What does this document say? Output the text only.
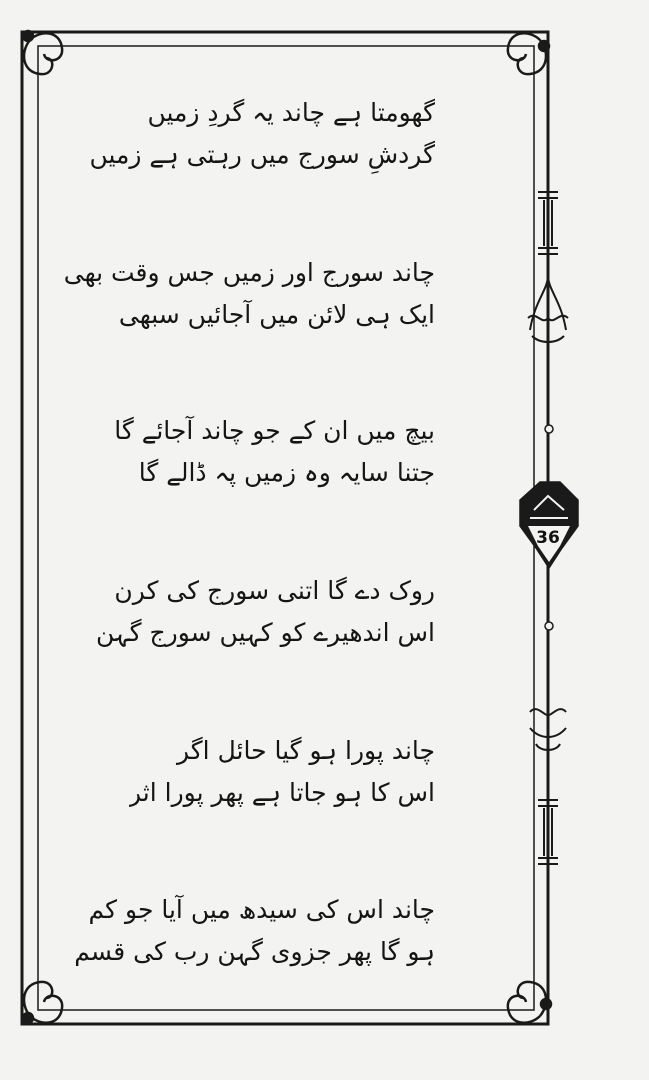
36
گھومتا ہے چاند یہ گردِ زمیں
گردشِ سورج میں رہتی ہے زمیں
چاند سورج اور زمیں جس وقت بھی
ایک ہی لائن میں آجائیں سبھی
بیچ میں ان کے جو چاند آجائے گا
جتنا سایہ وہ زمیں پہ ڈالے گا
روک دے گا اتنی سورج کی کرن
اس اندھیرے کو کہیں سورج گہن
چاند پورا ہو گیا حائل اگر
اس کا ہو جاتا ہے پھر پورا اثر
چاند اس کی سیدھ میں آیا جو کم
ہو گا پھر جزوی گہن رب کی قسم
